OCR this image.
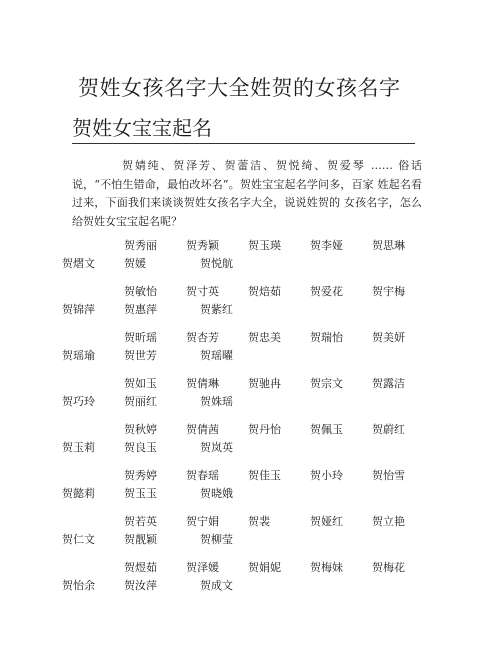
贺姓女孩名字大全姓贺的女孩名字
贺姓女宝宝起名

贺婧纯、贺泽芳、贺蕾洁、贺悦绮、贺爱琴 …… 俗话 说，“不怕生错命，最怕改坏名”。贺姓宝宝起名学问多，百家 姓起名看过来，下面我们来谈谈贺姓女孩名字大全，说说姓贺的 女孩名字，怎么给贺姓女宝宝起名呢？

贺秀丽	贺秀颖	贺玉瑛	贺李娅	贺思琳
贺熠文	贺媛	贺悦航
贺敏怡	贺寸英	贺焙茹	贺爱花	贺宇梅
贺锦萍	贺惠萍	贺紫红
贺昕瑶	贺杏芳	贺忠美	贺瑞怡	贺美妍
贺瑶瑜	贺世芳	贺瑶曜
贺如玉	贺倩琳	贺驰冉	贺宗文	贺露洁
贺巧玲	贺丽红	贺姝瑶
贺秋婷	贺倩茜	贺丹怡	贺佩玉	贺蔚红
贺玉莉	贺良玉	贺岚英
贺秀婷	贺春瑶	贺佳玉	贺小玲	贺怡雪
贺懿莉	贺玉玉	贺晓娥
贺若英	贺宁娟	贺裴	贺娅红	贺立艳
贺仁文	贺靓颖	贺柳莹
贺煜茹	贺泽媛	贺娟妮	贺梅妹	贺梅花
贺怡余	贺汝萍	贺成文
